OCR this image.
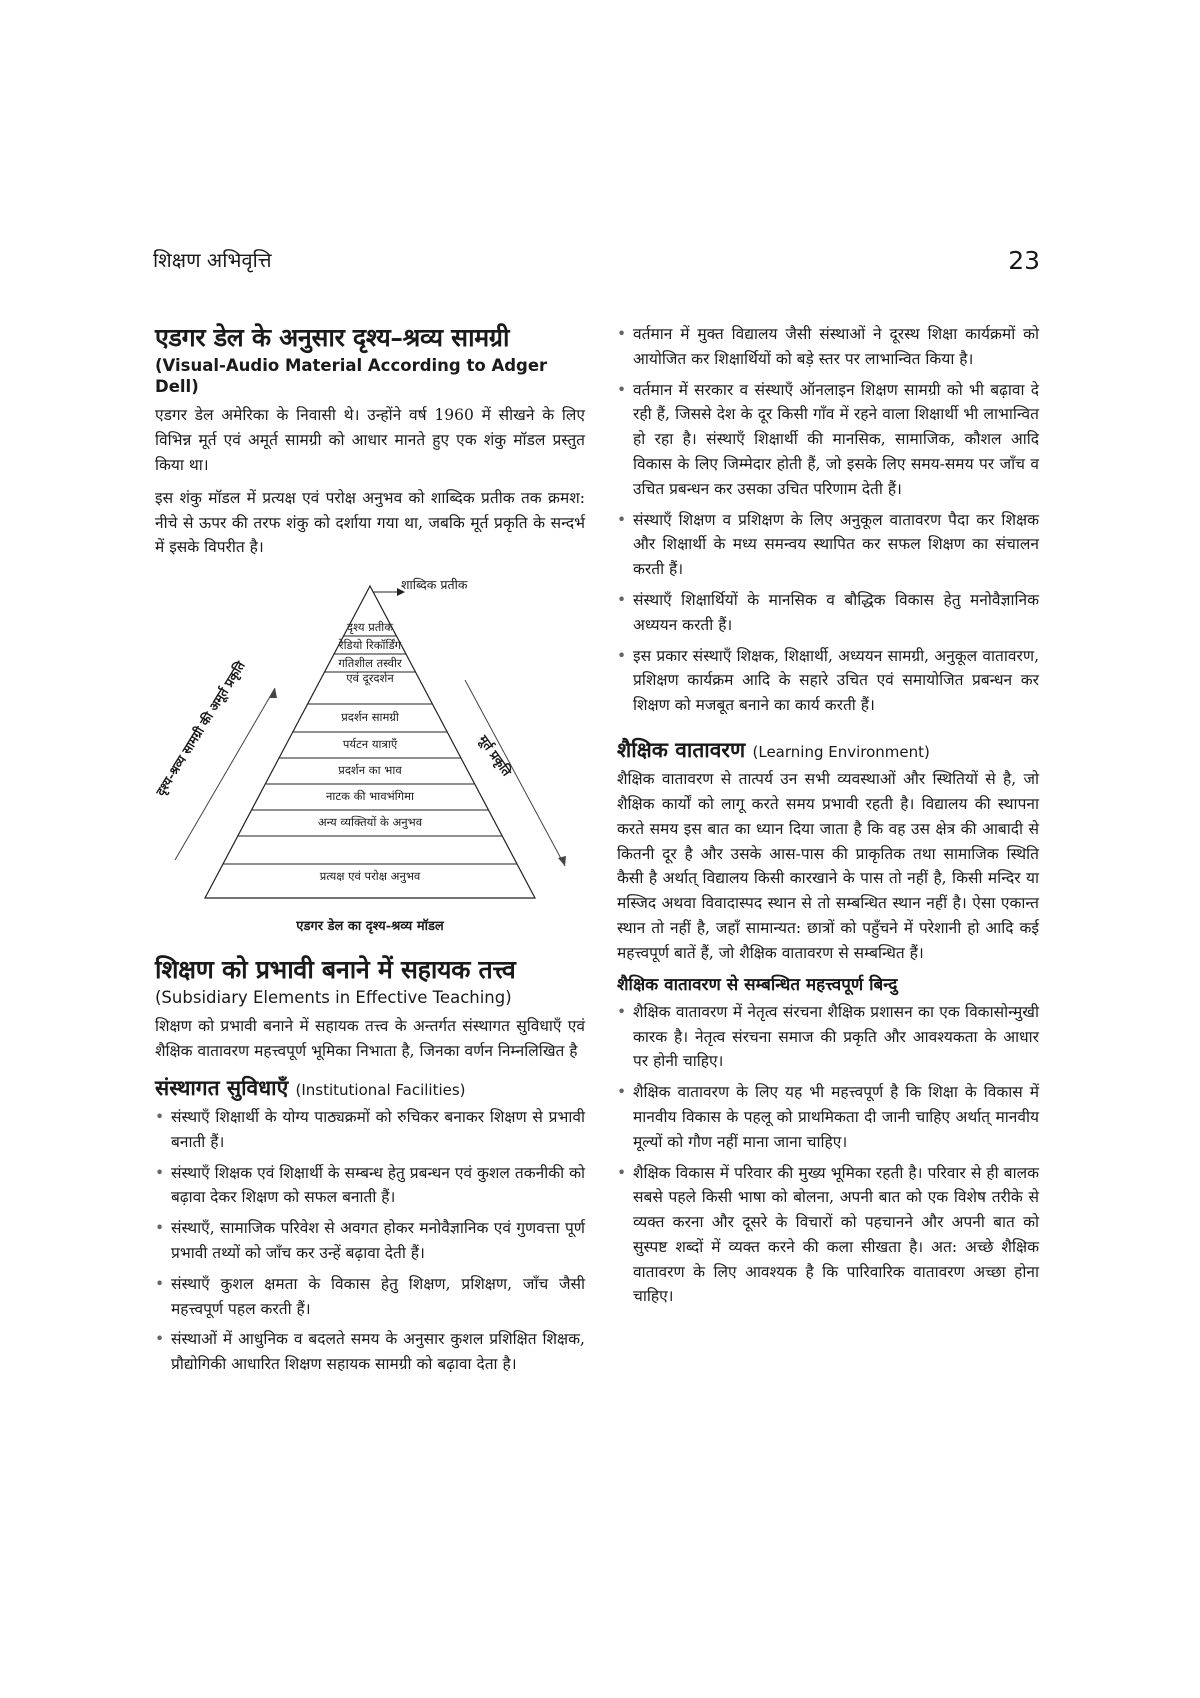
शिक्षण अभिवृत्ति	23
एडगर डेल के अनुसार दृश्य–श्रव्य सामग्री
(Visual-Audio Material According to Adger Dell)

एडगर डेल अमेरिका के निवासी थे। उन्होंने वर्ष 1960 में सीखने के लिए विभिन्न मूर्त एवं अमूर्त सामग्री को आधार मानते हुए एक शंकु मॉडल प्रस्तुत किया था।

इस शंकु मॉडल में प्रत्यक्ष एवं परोक्ष अनुभव को शाब्दिक प्रतीक तक क्रमश: नीचे से ऊपर की तरफ शंकु को दर्शाया गया था, जबकि मूर्त प्रकृति के सन्दर्भ में इसके विपरीत है।

शाब्दिक प्रतीक
दृश्य प्रतीक
रेडियो रिकॉर्डिंग
गतिशील तस्वीर
एवं दूरदर्शन
प्रदर्शन सामग्री
पर्यटन यात्राएँ
प्रदर्शन का भाव
नाटक की भावभंगिमा
अन्य व्यक्तियों के अनुभव
प्रत्यक्ष एवं परोक्ष अनुभव
दृश्य-श्रव्य सामग्री की अमूर्त प्रकृति	मूर्त प्रकृति
एडगर डेल का दृश्य-श्रव्य मॉडल
शिक्षण को प्रभावी बनाने में सहायक तत्त्व
(Subsidiary Elements in Effective Teaching)

शिक्षण को प्रभावी बनाने में सहायक तत्त्व के अन्तर्गत संस्थागत सुविधाएँ एवं शैक्षिक वातावरण महत्त्वपूर्ण भूमिका निभाता है, जिनका वर्णन निम्नलिखित है

संस्थागत सुविधाएँ (Institutional Facilities)
• संस्थाएँ शिक्षार्थी के योग्य पाठ्यक्रमों को रुचिकर बनाकर शिक्षण से प्रभावी बनाती हैं।
• संस्थाएँ शिक्षक एवं शिक्षार्थी के सम्बन्ध हेतु प्रबन्धन एवं कुशल तकनीकी को बढ़ावा देकर शिक्षण को सफल बनाती हैं।
• संस्थाएँ, सामाजिक परिवेश से अवगत होकर मनोवैज्ञानिक एवं गुणवत्ता पूर्ण प्रभावी तथ्यों को जाँच कर उन्हें बढ़ावा देती हैं।
• संस्थाएँ कुशल क्षमता के विकास हेतु शिक्षण, प्रशिक्षण, जाँच जैसी महत्त्वपूर्ण पहल करती हैं।
• संस्थाओं में आधुनिक व बदलते समय के अनुसार कुशल प्रशिक्षित शिक्षक, प्रौद्योगिकी आधारित शिक्षण सहायक सामग्री को बढ़ावा देता है।
• वर्तमान में मुक्त विद्यालय जैसी संस्थाओं ने दूरस्थ शिक्षा कार्यक्रमों को आयोजित कर शिक्षार्थियों को बड़े स्तर पर लाभान्वित किया है।
• वर्तमान में सरकार व संस्थाएँ ऑनलाइन शिक्षण सामग्री को भी बढ़ावा दे रही हैं, जिससे देश के दूर किसी गाँव में रहने वाला शिक्षार्थी भी लाभान्वित हो रहा है। संस्थाएँ शिक्षार्थी की मानसिक, सामाजिक, कौशल आदि विकास के लिए जिम्मेदार होती हैं, जो इसके लिए समय-समय पर जाँच व उचित प्रबन्धन कर उसका उचित परिणाम देती हैं।
• संस्थाएँ शिक्षण व प्रशिक्षण के लिए अनुकूल वातावरण पैदा कर शिक्षक और शिक्षार्थी के मध्य समन्वय स्थापित कर सफल शिक्षण का संचालन करती हैं।
• संस्थाएँ शिक्षार्थियों के मानसिक व बौद्धिक विकास हेतु मनोवैज्ञानिक अध्ययन करती हैं।
• इस प्रकार संस्थाएँ शिक्षक, शिक्षार्थी, अध्ययन सामग्री, अनुकूल वातावरण, प्रशिक्षण कार्यक्रम आदि के सहारे उचित एवं समायोजित प्रबन्धन कर शिक्षण को मजबूत बनाने का कार्य करती हैं।
शैक्षिक वातावरण (Learning Environment)

शैक्षिक वातावरण से तात्पर्य उन सभी व्यवस्थाओं और स्थितियों से है, जो शैक्षिक कार्यों को लागू करते समय प्रभावी रहती है। विद्यालय की स्थापना करते समय इस बात का ध्यान दिया जाता है कि वह उस क्षेत्र की आबादी से कितनी दूर है और उसके आस-पास की प्राकृतिक तथा सामाजिक स्थिति कैसी है अर्थात् विद्यालय किसी कारखाने के पास तो नहीं है, किसी मन्दिर या मस्जिद अथवा विवादास्पद स्थान से तो सम्बन्धित स्थान नहीं है। ऐसा एकान्त स्थान तो नहीं है, जहाँ सामान्यत: छात्रों को पहुँचने में परेशानी हो आदि कई महत्त्वपूर्ण बातें हैं, जो शैक्षिक वातावरण से सम्बन्धित हैं।

शैक्षिक वातावरण से सम्बन्धित महत्त्वपूर्ण बिन्दु
• शैक्षिक वातावरण में नेतृत्व संरचना शैक्षिक प्रशासन का एक विकासोन्मुखी कारक है। नेतृत्व संरचना समाज की प्रकृति और आवश्यकता के आधार पर होनी चाहिए।
• शैक्षिक वातावरण के लिए यह भी महत्त्वपूर्ण है कि शिक्षा के विकास में मानवीय विकास के पहलू को प्राथमिकता दी जानी चाहिए अर्थात् मानवीय मूल्यों को गौण नहीं माना जाना चाहिए।
• शैक्षिक विकास में परिवार की मुख्य भूमिका रहती है। परिवार से ही बालक सबसे पहले किसी भाषा को बोलना, अपनी बात को एक विशेष तरीके से व्यक्त करना और दूसरे के विचारों को पहचानने और अपनी बात को सुस्पष्ट शब्दों में व्यक्त करने की कला सीखता है। अत: अच्छे शैक्षिक वातावरण के लिए आवश्यक है कि पारिवारिक वातावरण अच्छा होना चाहिए।
